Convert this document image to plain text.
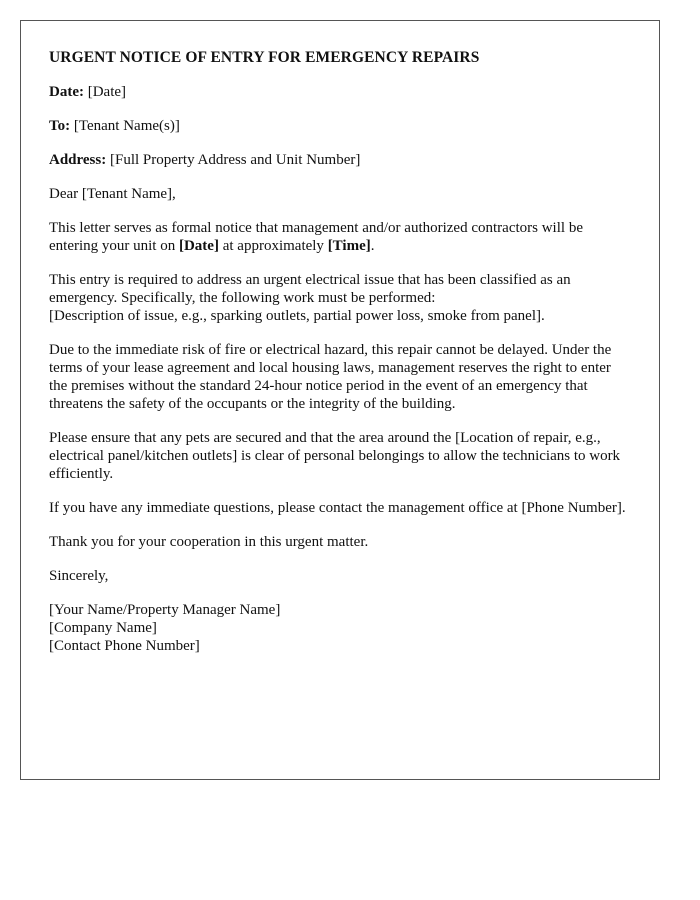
URGENT NOTICE OF ENTRY FOR EMERGENCY REPAIRS
Date: [Date]
To: [Tenant Name(s)]
Address: [Full Property Address and Unit Number]
Dear [Tenant Name],
This letter serves as formal notice that management and/or authorized contractors will be entering your unit on [Date] at approximately [Time].
This entry is required to address an urgent electrical issue that has been classified as an emergency. Specifically, the following work must be performed:
[Description of issue, e.g., sparking outlets, partial power loss, smoke from panel].
Due to the immediate risk of fire or electrical hazard, this repair cannot be delayed. Under the terms of your lease agreement and local housing laws, management reserves the right to enter the premises without the standard 24-hour notice period in the event of an emergency that threatens the safety of the occupants or the integrity of the building.
Please ensure that any pets are secured and that the area around the [Location of repair, e.g., electrical panel/kitchen outlets] is clear of personal belongings to allow the technicians to work efficiently.
If you have any immediate questions, please contact the management office at [Phone Number].
Thank you for your cooperation in this urgent matter.
Sincerely,
[Your Name/Property Manager Name]
[Company Name]
[Contact Phone Number]
